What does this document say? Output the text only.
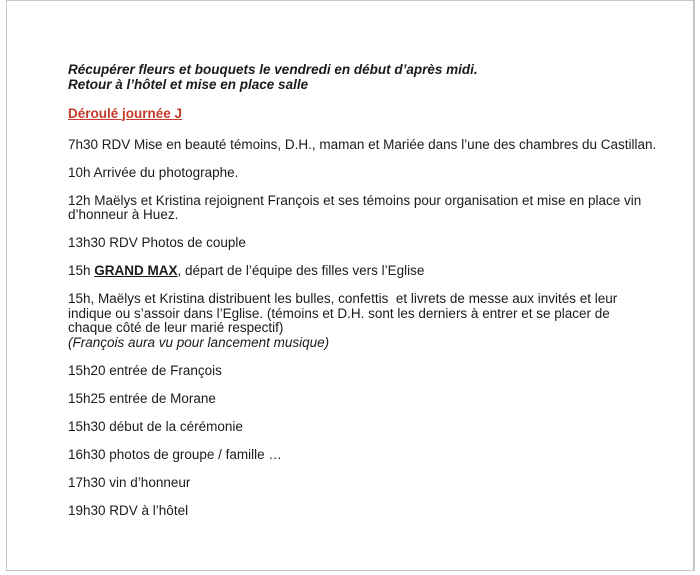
Récupérer fleurs et bouquets le vendredi en début d’après midi.
Retour à l’hôtel et mise en place salle
Déroulé journée J
7h30 RDV Mise en beauté témoins, D.H., maman et Mariée dans l’une des chambres du Castillan.
10h Arrivée du photographe.
12h Maëlys et Kristina rejoignent François et ses témoins pour organisation et mise en place vin
d’honneur à Huez.
13h30 RDV Photos de couple
15h GRAND MAX, départ de l’équipe des filles vers l’Eglise
15h, Maëlys et Kristina distribuent les bulles, confettis  et livrets de messe aux invités et leur
indique ou s’assoir dans l’Eglise. (témoins et D.H. sont les derniers à entrer et se placer de
chaque côté de leur marié respectif)
(François aura vu pour lancement musique)
15h20 entrée de François
15h25 entrée de Morane
15h30 début de la cérémonie
16h30 photos de groupe / famille …
17h30 vin d’honneur
19h30 RDV à l’hôtel
